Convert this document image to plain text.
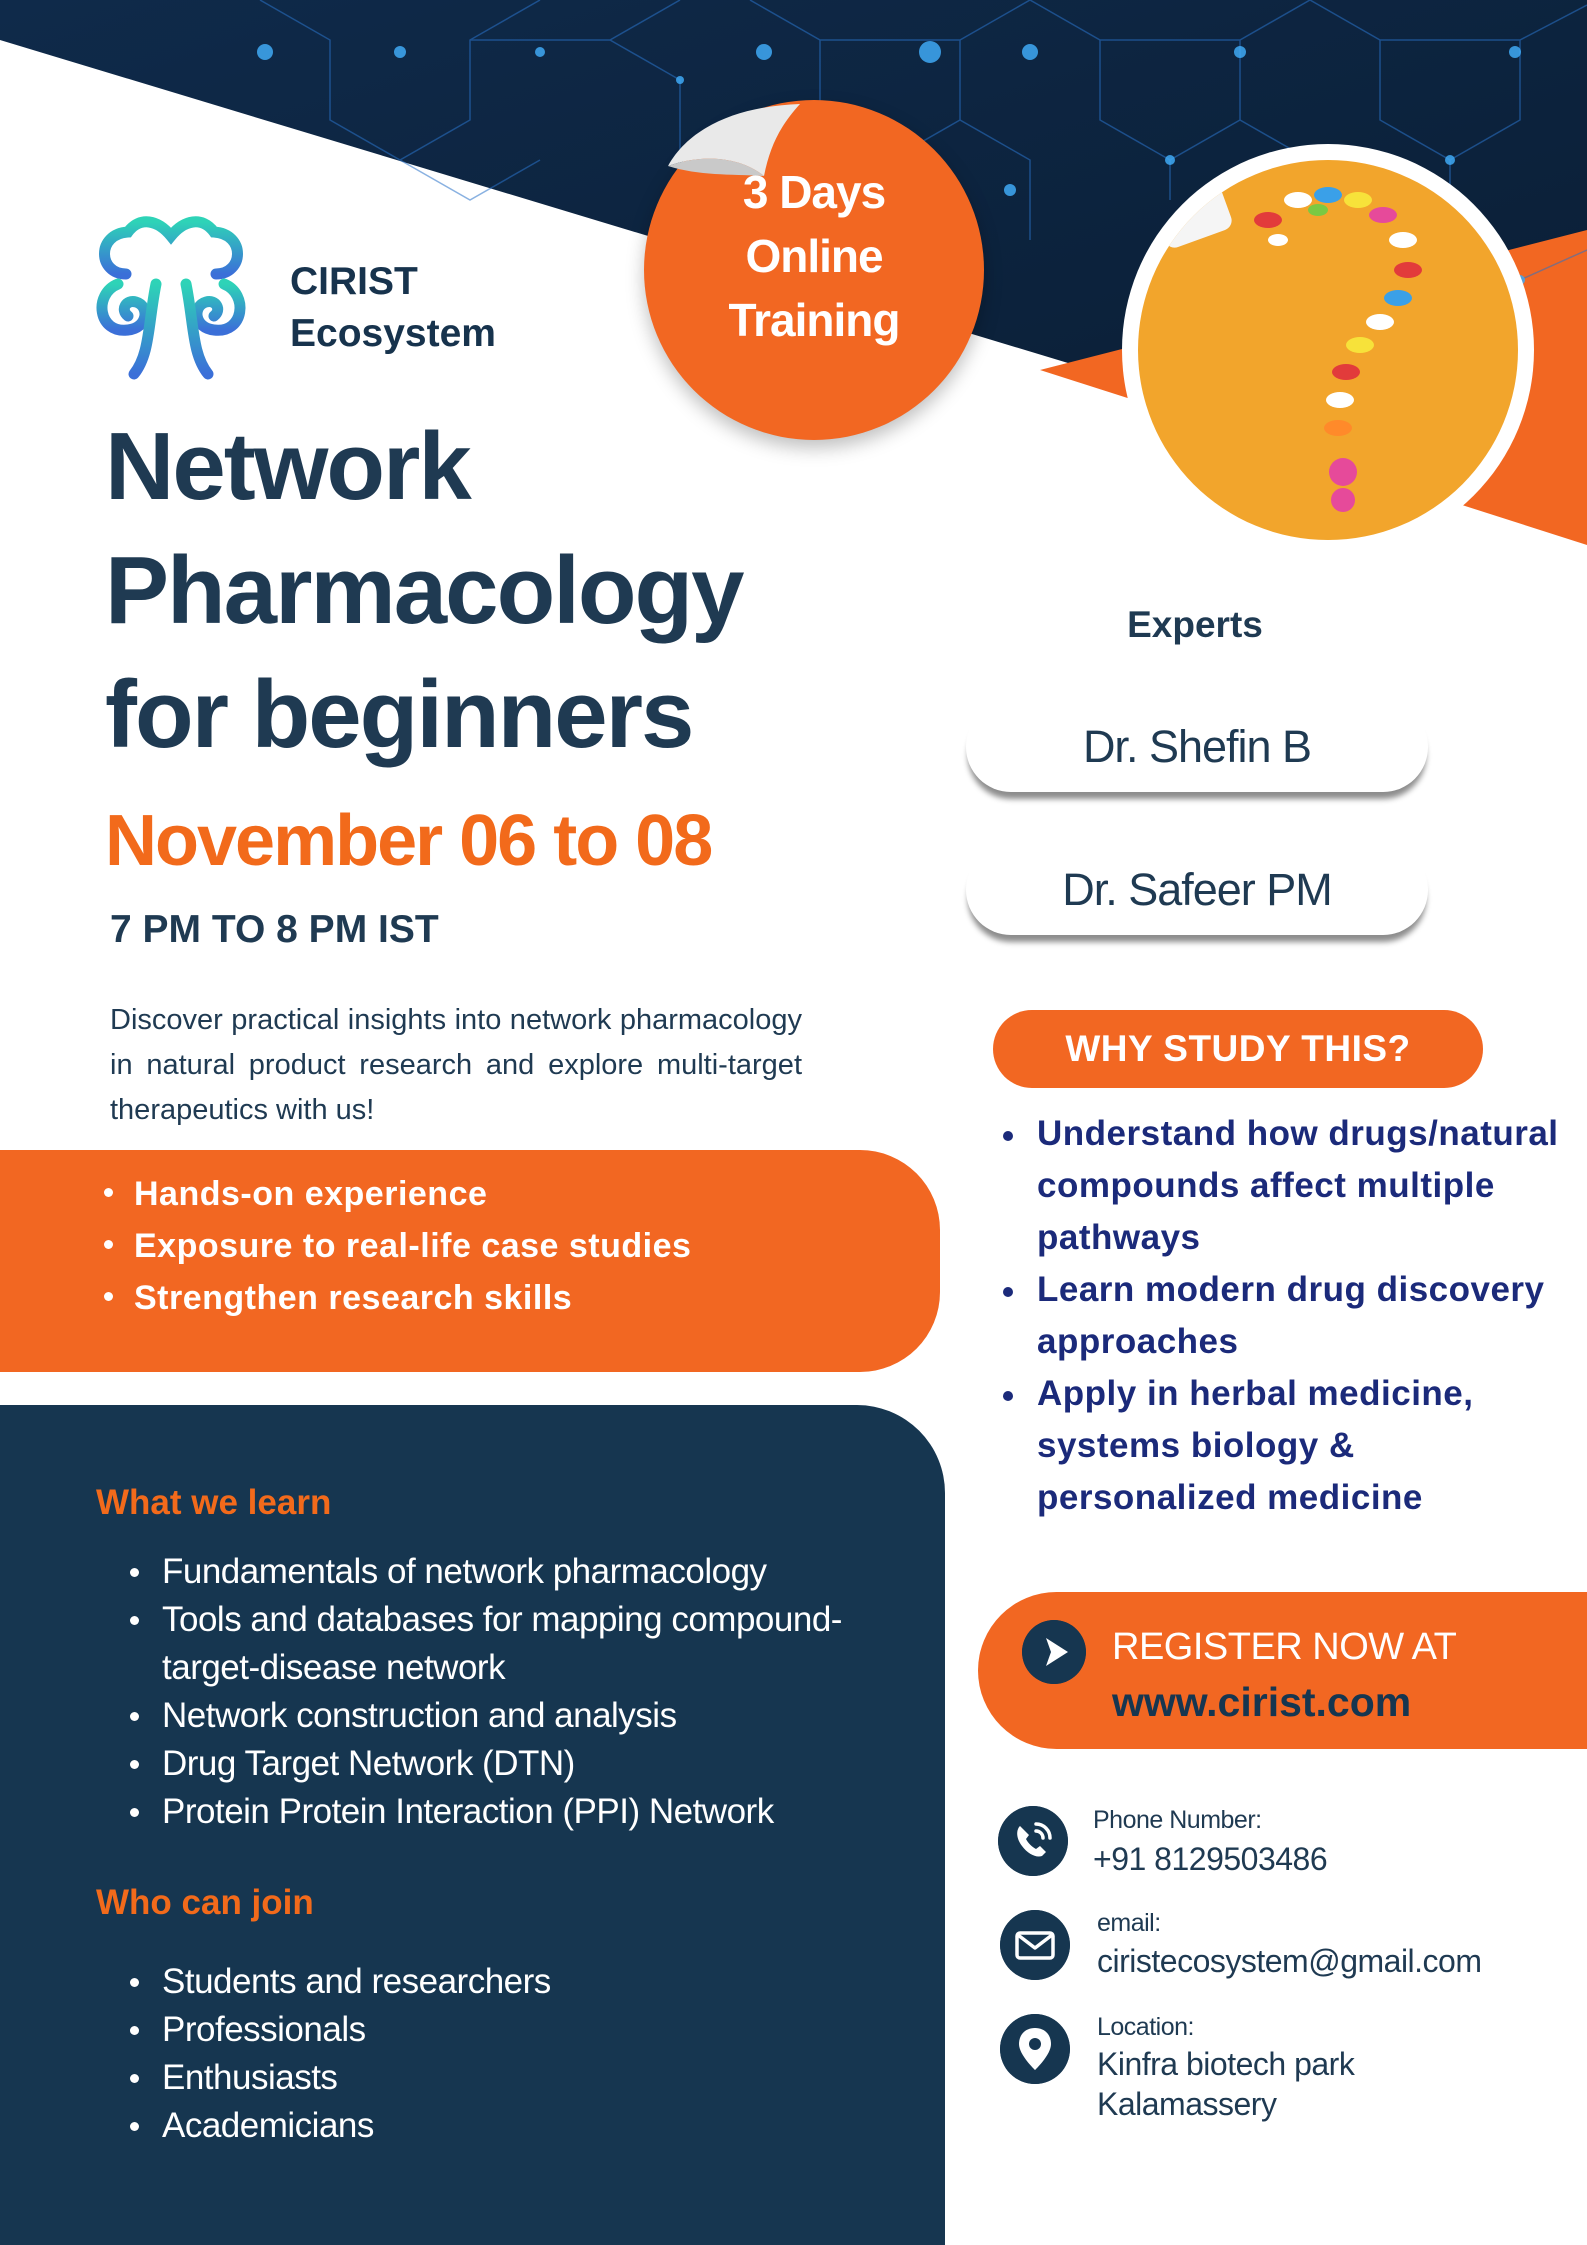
CIRIST
Ecosystem
3 Days
Online
Training
Network
Pharmacology
for beginners
November 06 to 08
7 PM TO 8 PM IST
Discover practical insights into network pharmacology in natural product research and explore multi-target therapeutics with us!
Hands-on experience
Exposure to real-life case studies
Strengthen research skills
What we learn
Fundamentals of network pharmacology
Tools and databases for mapping compound-target-disease network
Network construction and analysis
Drug Target Network (DTN)
Protein Protein Interaction (PPI) Network
Who can join
Students and researchers
Professionals
Enthusiasts
Academicians
Experts
Dr. Shefin B
Dr. Safeer PM
WHY STUDY THIS?
Understand how drugs/natural compounds affect multiple pathways
Learn modern drug discovery approaches
Apply in herbal medicine, systems biology & personalized medicine
REGISTER NOW AT
www.cirist.com
Phone Number:
+91 8129503486
email:
ciristecosystem@gmail.com
Location:
Kinfra biotech park
Kalamassery
